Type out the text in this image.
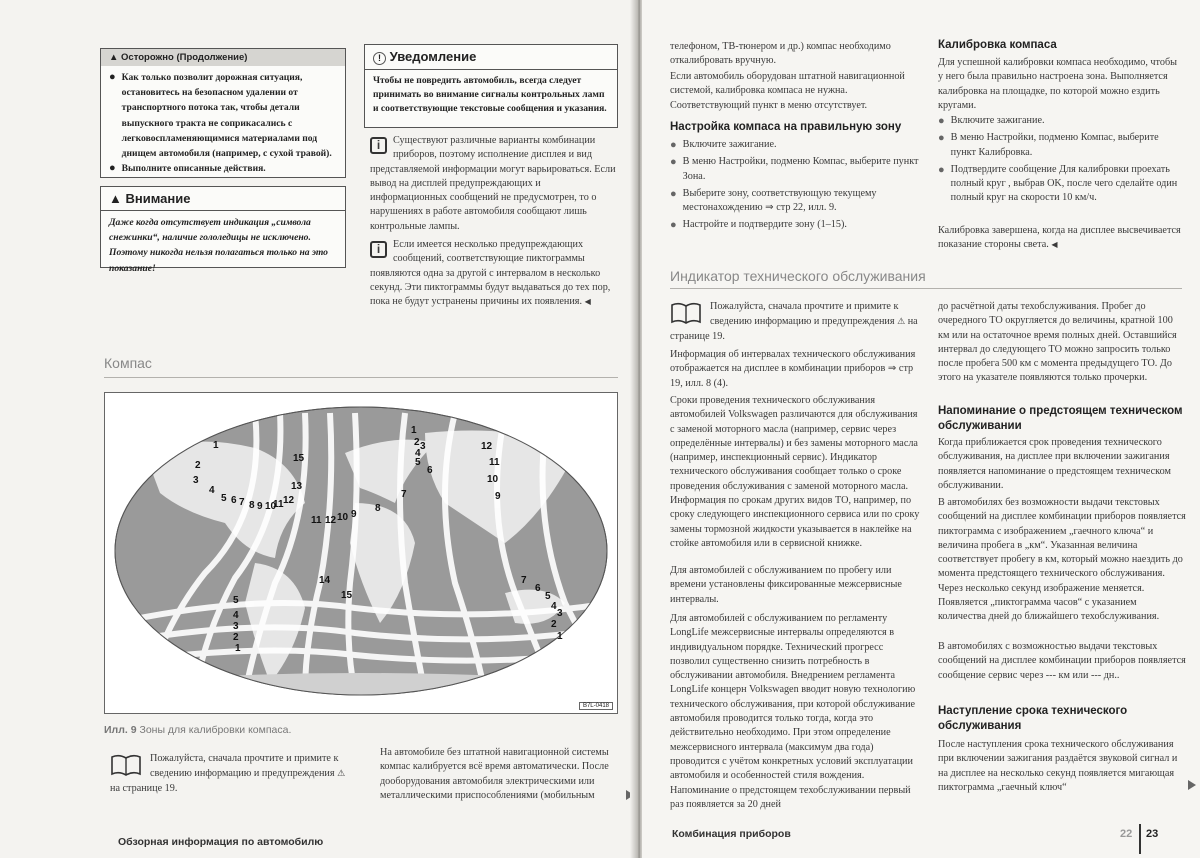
▲ Осторожно (Продолжение)
● Как только позволит дорожная ситуация, остановитесь на безопасном удалении от транспортного потока так, чтобы детали выпускного тракта не соприкасались с легковоспламеняющимися материалами под днищем автомобиля (например, с сухой травой).
● Выполните описанные действия.
▲ Внимание
Даже когда отсутствует индикация „символа снежинки“, наличие гололедицы не исключено. Поэтому никогда нельзя полагаться только на это показание!
! Уведомление
Чтобы не повредить автомобиль, всегда следует принимать во внимание сигналы контрольных ламп и соответствующие текстовые сообщения и указания.
i	Существуют различные варианты комбинации приборов, поэтому исполнение дисплея и вид представляемой информации могут варьироваться. Если вывод на дисплей предупреждающих и информационных сообщений не предусмотрен, то о нарушениях в работе автомобиля сообщают лишь контрольные лампы.
i	Если имеется несколько предупреждающих сообщений, соответствующие пиктограммы появляются одна за другой с интервалом в несколько секунд. Эти пиктограммы будут выдаваться до тех пор, пока не будут устранены причины их появления. ◀
Компас
1
2
3
4
5 6 7 8 9 10
11 12
13
15
11 12 10 9
8
1
2 3
4
5
6
7
12
11
10
9
14
15
5
4
3
2
1
7
6
5
4
3
2
1
B7L-0418
Илл. 9 Зоны для калибровки компаса.
Пожалуйста, сначала прочтите и примите к сведению информацию и предупреждения ⚠ на странице 19.
На автомобиле без штатной навигационной системы компас калибруется всё время автоматически. После дооборудования автомобиля электрическими или металлическими приспособлениями (мобильным
Обзорная информация по автомобилю
телефоном, ТВ-тюнером и др.) компас необходимо откалибровать вручную.
Если автомобиль оборудован штатной навигационной системой, калибровка компаса не нужна. Соответствующий пункт в меню отсутствует.
Настройка компаса на правильную зону
● Включите зажигание.
● В меню Настройки, подменю Компас, выберите пункт Зона.
● Выберите зону, соответствующую текущему местонахождению ⇒ стр 22, илл. 9.
● Настройте и подтвердите зону (1–15).
Калибровка компаса
Для успешной калибровки компаса необходимо, чтобы у него была правильно настроена зона. Выполняется калибровка на площадке, по которой можно ездить кругами.
● Включите зажигание.
● В меню Настройки, подменю Компас, выберите пункт Калибровка.
● Подтвердите сообщение Для калибровки проехать полный круг , выбрав OK, после чего сделайте один полный круг на скорости 10 км/ч.
Калибровка завершена, когда на дисплее высвечивается показание стороны света. ◀
Индикатор технического обслуживания
Пожалуйста, сначала прочтите и примите к сведению информацию и предупреждения ⚠ на странице 19.
Информация об интервалах технического обслуживания отображается на дисплее в комбинации приборов ⇒ стр 19, илл. 8 (4).
Сроки проведения технического обслуживания автомобилей Volkswagen различаются для обслуживания с заменой моторного масла (например, сервис через определённые интервалы) и без замены моторного масла (например, инспекционный сервис). Индикатор технического обслуживания сообщает только о сроке проведения обслуживания с заменой моторного масла. Информация по срокам других видов ТО, например, по сроку следующего инспекционного сервиса или по сроку замены тормозной жидкости указывается в наклейке на стойке автомобиля или в сервисной книжке.
Для автомобилей с обслуживанием по пробегу или времени установлены фиксированные межсервисные интервалы.
Для автомобилей с обслуживанием по регламенту LongLife межсервисные интервалы определяются в индивидуальном порядке. Технический прогресс позволил существенно снизить потребность в обслуживании автомобиля. Внедрением регламента LongLife концерн Volkswagen вводит новую технологию технического обслуживания, при которой обслуживание автомобиля проводится только тогда, когда это действительно необходимо. При этом определение межсервисного интервала (максимум два года) проводится с учётом конкретных условий эксплуатации автомобиля и особенностей стиля вождения. Напоминание о предстоящем техобслуживании первый раз появляется за 20 дней
до расчётной даты техобслуживания. Пробег до очередного ТО округляется до величины, кратной 100 км или на остаточное время полных дней. Оставшийся интервал до следующего ТО можно запросить только после пробега 500 км с момента предыдущего ТО. До этого на указателе появляются только прочерки.
Напоминание о предстоящем техническом обслуживании
Когда приближается срок проведения технического обслуживания, на дисплее при включении зажигания появляется напоминание о предстоящем техническом обслуживании.
В автомобилях без возможности выдачи текстовых сообщений на дисплее комбинации приборов появляется пиктограмма с изображением „гаечного ключа“ и величина пробега в „км“. Указанная величина соответствует пробегу в км, который можно наездить до момента предстоящего технического обслуживания. Через несколько секунд изображение меняется. Появляется „пиктограмма часов“ с указанием количества дней до ближайшего техобслуживания.
В автомобилях с возможностью выдачи текстовых сообщений на дисплее комбинации приборов появляется сообщение сервис через --- км или --- дн..
Наступление срока технического обслуживания
После наступления срока технического обслуживания при включении зажигания раздаётся звуковой сигнал и на дисплее на несколько секунд появляется мигающая пиктограмма „гаечный ключ“
Комбинация приборов	22 23
